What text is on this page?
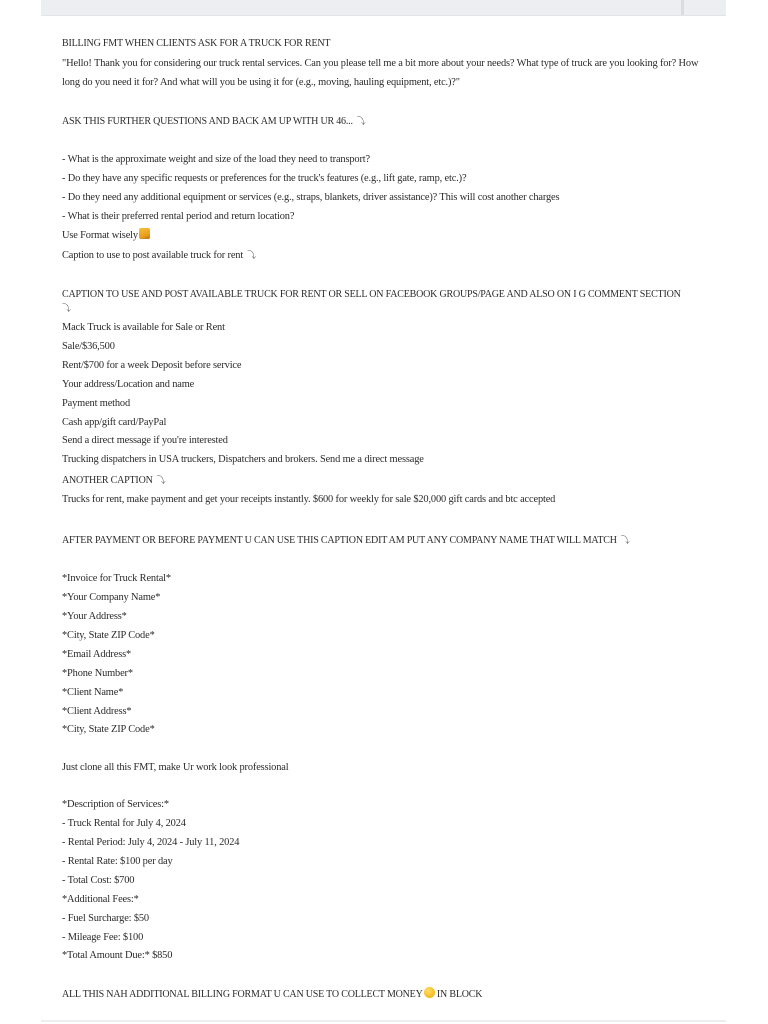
BILLING FMT WHEN CLIENTS ASK FOR A TRUCK FOR RENT
"Hello! Thank you for considering our truck rental services. Can you please tell me a bit more about your needs? What type of truck are you looking for? How long do you need it for? And what will you be using it for (e.g., moving, hauling equipment, etc.)?"
ASK THIS FURTHER QUESTIONS AND BACK AM UP WITH UR 46... ⤵
- What is the approximate weight and size of the load they need to transport?
- Do they have any specific requests or preferences for the truck's features (e.g., lift gate, ramp, etc.)?
- Do they need any additional equipment or services (e.g., straps, blankets, driver assistance)? This will cost another charges
- What is their preferred rental period and return location?
Use Format wisely
Caption to use to post available truck for rent ⤵
CAPTION TO USE AND POST AVAILABLE TRUCK FOR RENT OR SELL ON FACEBOOK GROUPS/PAGE AND ALSO ON I G COMMENT SECTION
⤵
Mack Truck is available for Sale or Rent
Sale/$36,500
Rent/$700 for a week Deposit before service
Your address/Location and name
Payment method
Cash app/gift card/PayPal
Send a direct message if you're interested
Trucking dispatchers in USA truckers, Dispatchers and brokers. Send me a direct message
ANOTHER CAPTION ⤵
Trucks for rent, make payment and get your receipts instantly. $600 for weekly for sale $20,000 gift cards and btc accepted
AFTER PAYMENT OR BEFORE PAYMENT U CAN USE THIS CAPTION EDIT AM PUT ANY COMPANY NAME THAT WILL MATCH ⤵
*Invoice for Truck Rental*
*Your Company Name*
*Your Address*
*City, State ZIP Code*
*Email Address*
*Phone Number*
*Client Name*
*Client Address*
*City, State ZIP Code*
Just clone all this FMT, make Ur work look professional
*Description of Services:*
- Truck Rental for July 4, 2024
- Rental Period: July 4, 2024 - July 11, 2024
- Rental Rate: $100 per day
- Total Cost: $700
*Additional Fees:*
- Fuel Surcharge: $50
- Mileage Fee: $100
*Total Amount Due:* $850
ALL THIS NAH ADDITIONAL BILLING FORMAT U CAN USE TO COLLECT MONEY IN BLOCK
